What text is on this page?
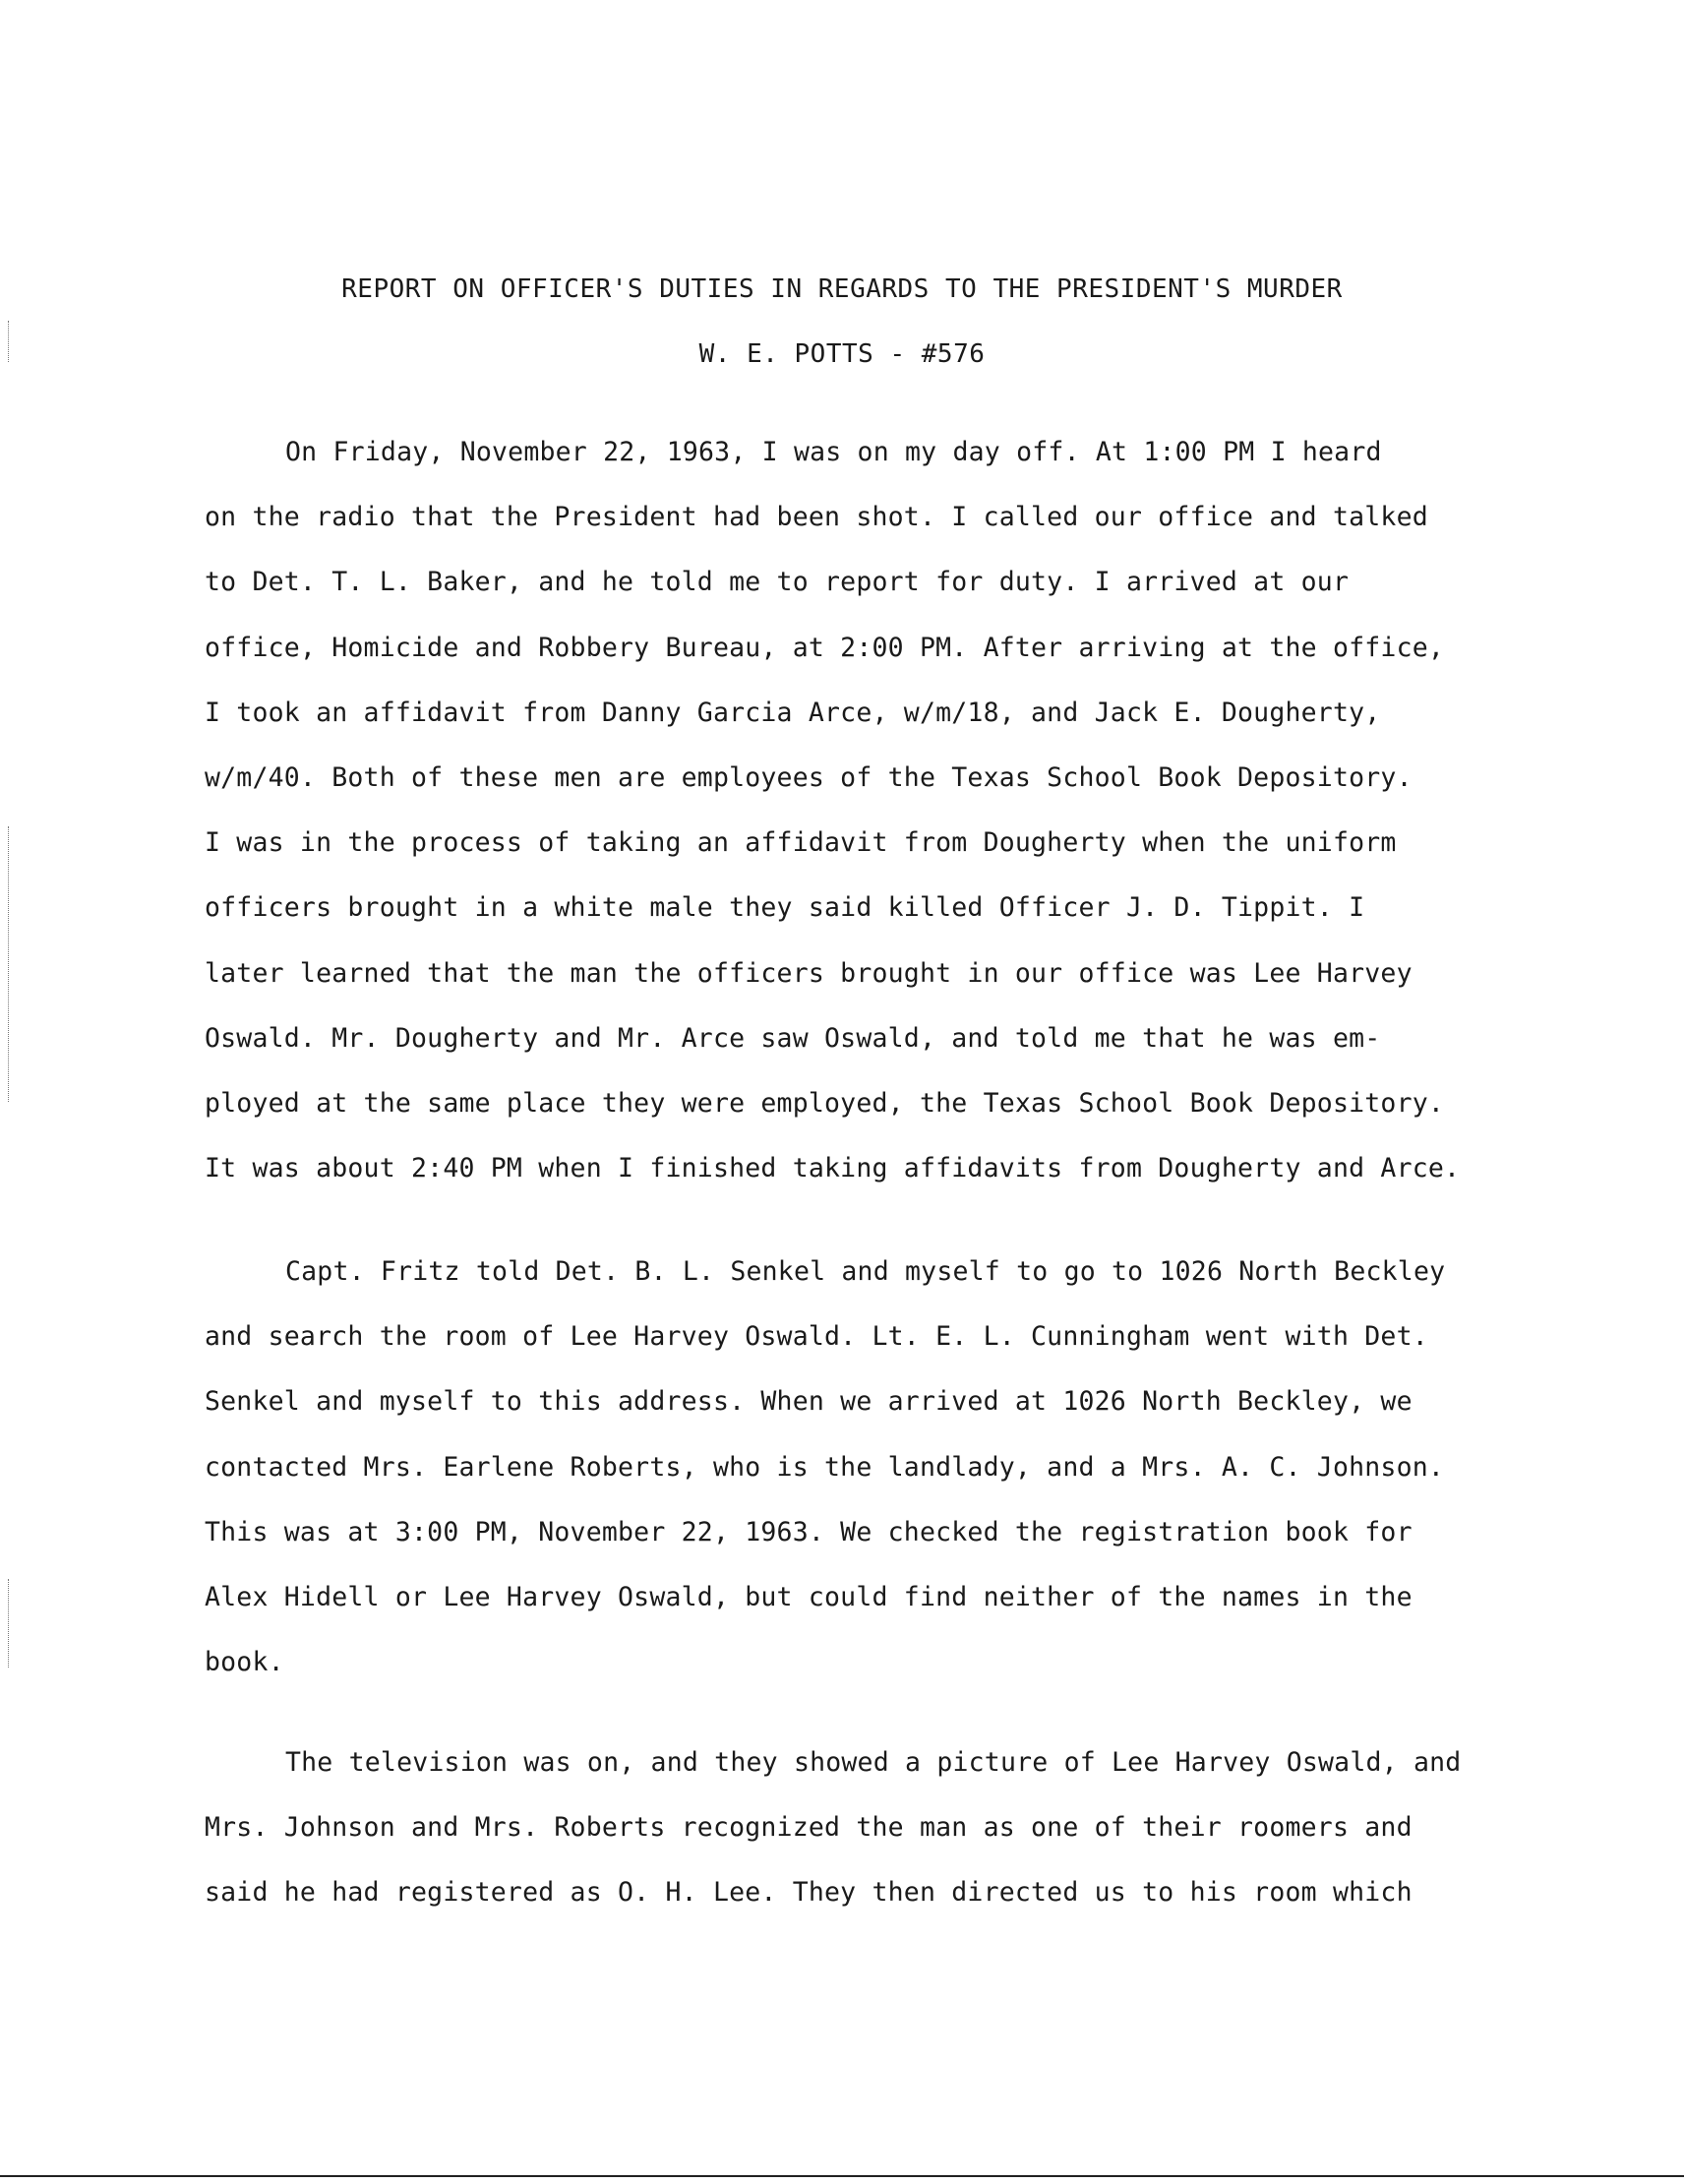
REPORT ON OFFICER'S DUTIES IN REGARDS TO THE PRESIDENT'S MURDER
W. E. POTTS - #576
On Friday, November 22, 1963, I was on my day off. At 1:00 PM I heard
on the radio that the President had been shot. I called our office and talked
to Det. T. L. Baker, and he told me to report for duty. I arrived at our
office, Homicide and Robbery Bureau, at 2:00 PM. After arriving at the office,
I took an affidavit from Danny Garcia Arce, w/m/18, and Jack E. Dougherty,
w/m/40. Both of these men are employees of the Texas School Book Depository.
I was in the process of taking an affidavit from Dougherty when the uniform
officers brought in a white male they said killed Officer J. D. Tippit. I
later learned that the man the officers brought in our office was Lee Harvey
Oswald. Mr. Dougherty and Mr. Arce saw Oswald, and told me that he was em-
ployed at the same place they were employed, the Texas School Book Depository.
It was about 2:40 PM when I finished taking affidavits from Dougherty and Arce.
Capt. Fritz told Det. B. L. Senkel and myself to go to 1026 North Beckley
and search the room of Lee Harvey Oswald. Lt. E. L. Cunningham went with Det.
Senkel and myself to this address. When we arrived at 1026 North Beckley, we
contacted Mrs. Earlene Roberts, who is the landlady, and a Mrs. A. C. Johnson.
This was at 3:00 PM, November 22, 1963. We checked the registration book for
Alex Hidell or Lee Harvey Oswald, but could find neither of the names in the
book.
The television was on, and they showed a picture of Lee Harvey Oswald, and
Mrs. Johnson and Mrs. Roberts recognized the man as one of their roomers and
said he had registered as O. H. Lee. They then directed us to his room which
